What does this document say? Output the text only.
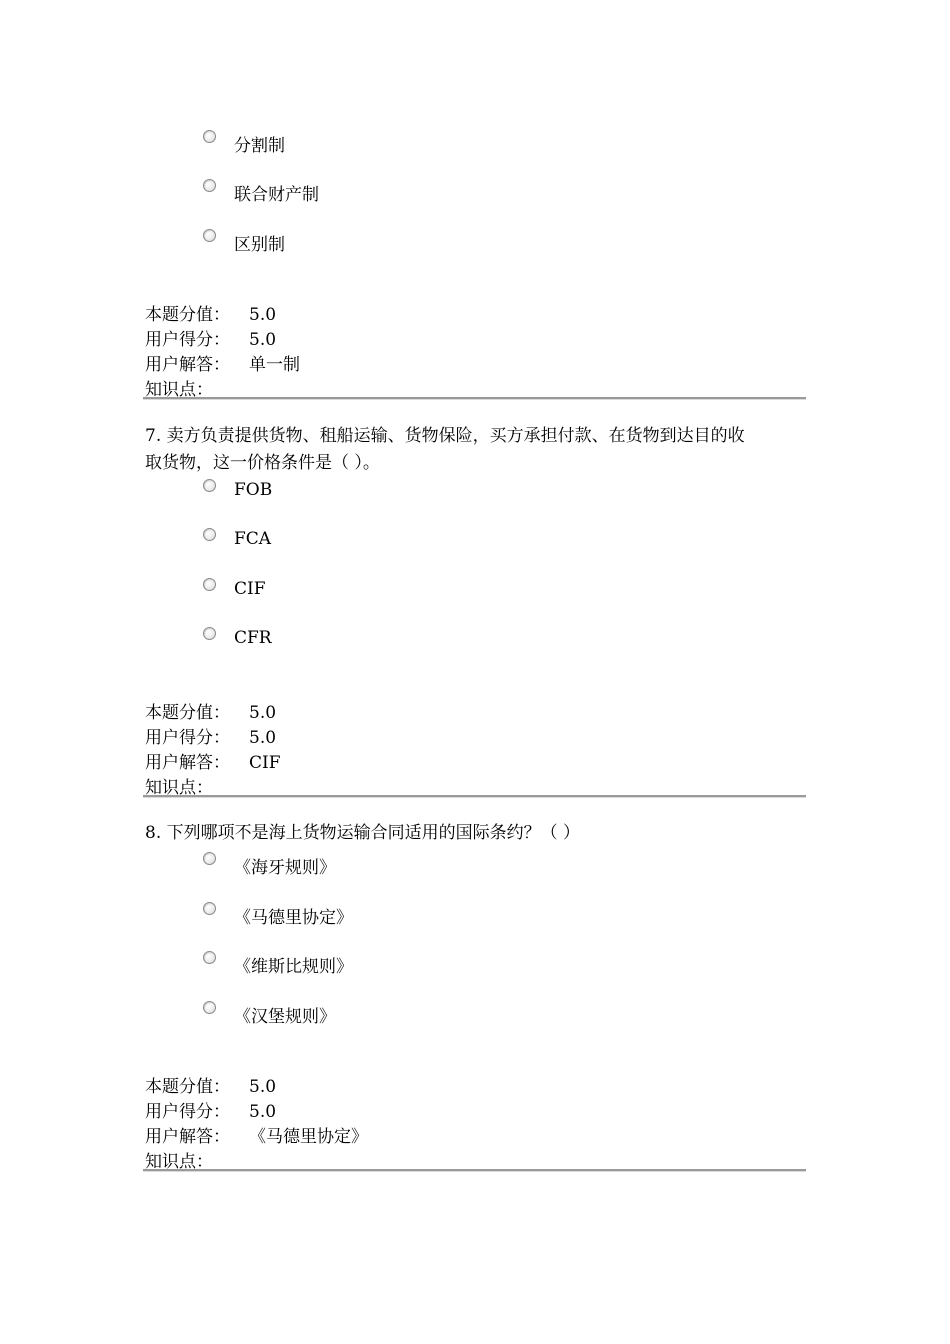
分割制
联合财产制
区别制
本题分值： 5.0
用户得分： 5.0
用户解答： 单一制
知识点：
7. 卖方负责提供货物、租船运输、货物保险，买方承担付款、在货物到达目的收
取货物，这一价格条件是（ ）。
FOB
FCA
CIF
CFR
本题分值： 5.0
用户得分： 5.0
用户解答： CIF
知识点：
8. 下列哪项不是海上货物运输合同适用的国际条约？（ ）
《海牙规则》
《马德里协定》
《维斯比规则》
《汉堡规则》
本题分值： 5.0
用户得分： 5.0
用户解答： 《马德里协定》
知识点：
